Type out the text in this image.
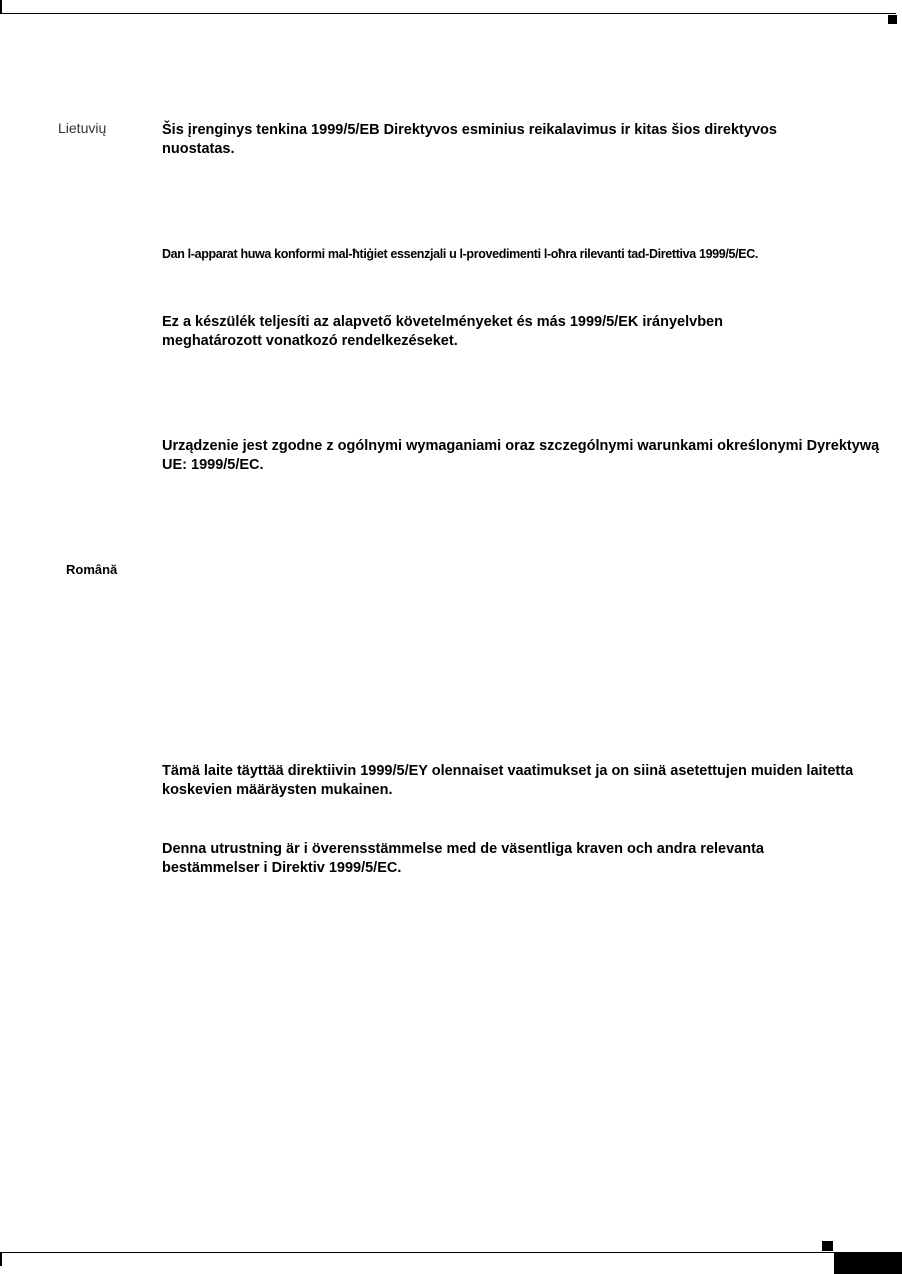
Lietuvių	Šis įrenginys tenkina 1999/5/EB Direktyvos esminius reikalavimus ir kitas šios direktyvos nuostatas.

Dan l-apparat huwa konformi mal-ħtiġiet essenzjali u l-provedimenti l-oħra rilevanti tad-Direttiva 1999/5/EC.

Ez a készülék teljesíti az alapvető követelményeket és más 1999/5/EK irányelvben meghatározott vonatkozó rendelkezéseket.

Urządzenie jest zgodne z ogólnymi wymaganiami oraz szczególnymi warunkami określonymi Dyrektywą UE: 1999/5/EC.

Română

Tämä laite täyttää direktiivin 1999/5/EY olennaiset vaatimukset ja on siinä asetettujen muiden laitetta koskevien määräysten mukainen.

Denna utrustning är i överensstämmelse med de väsentliga kraven och andra relevanta bestämmelser i Direktiv 1999/5/EC.
